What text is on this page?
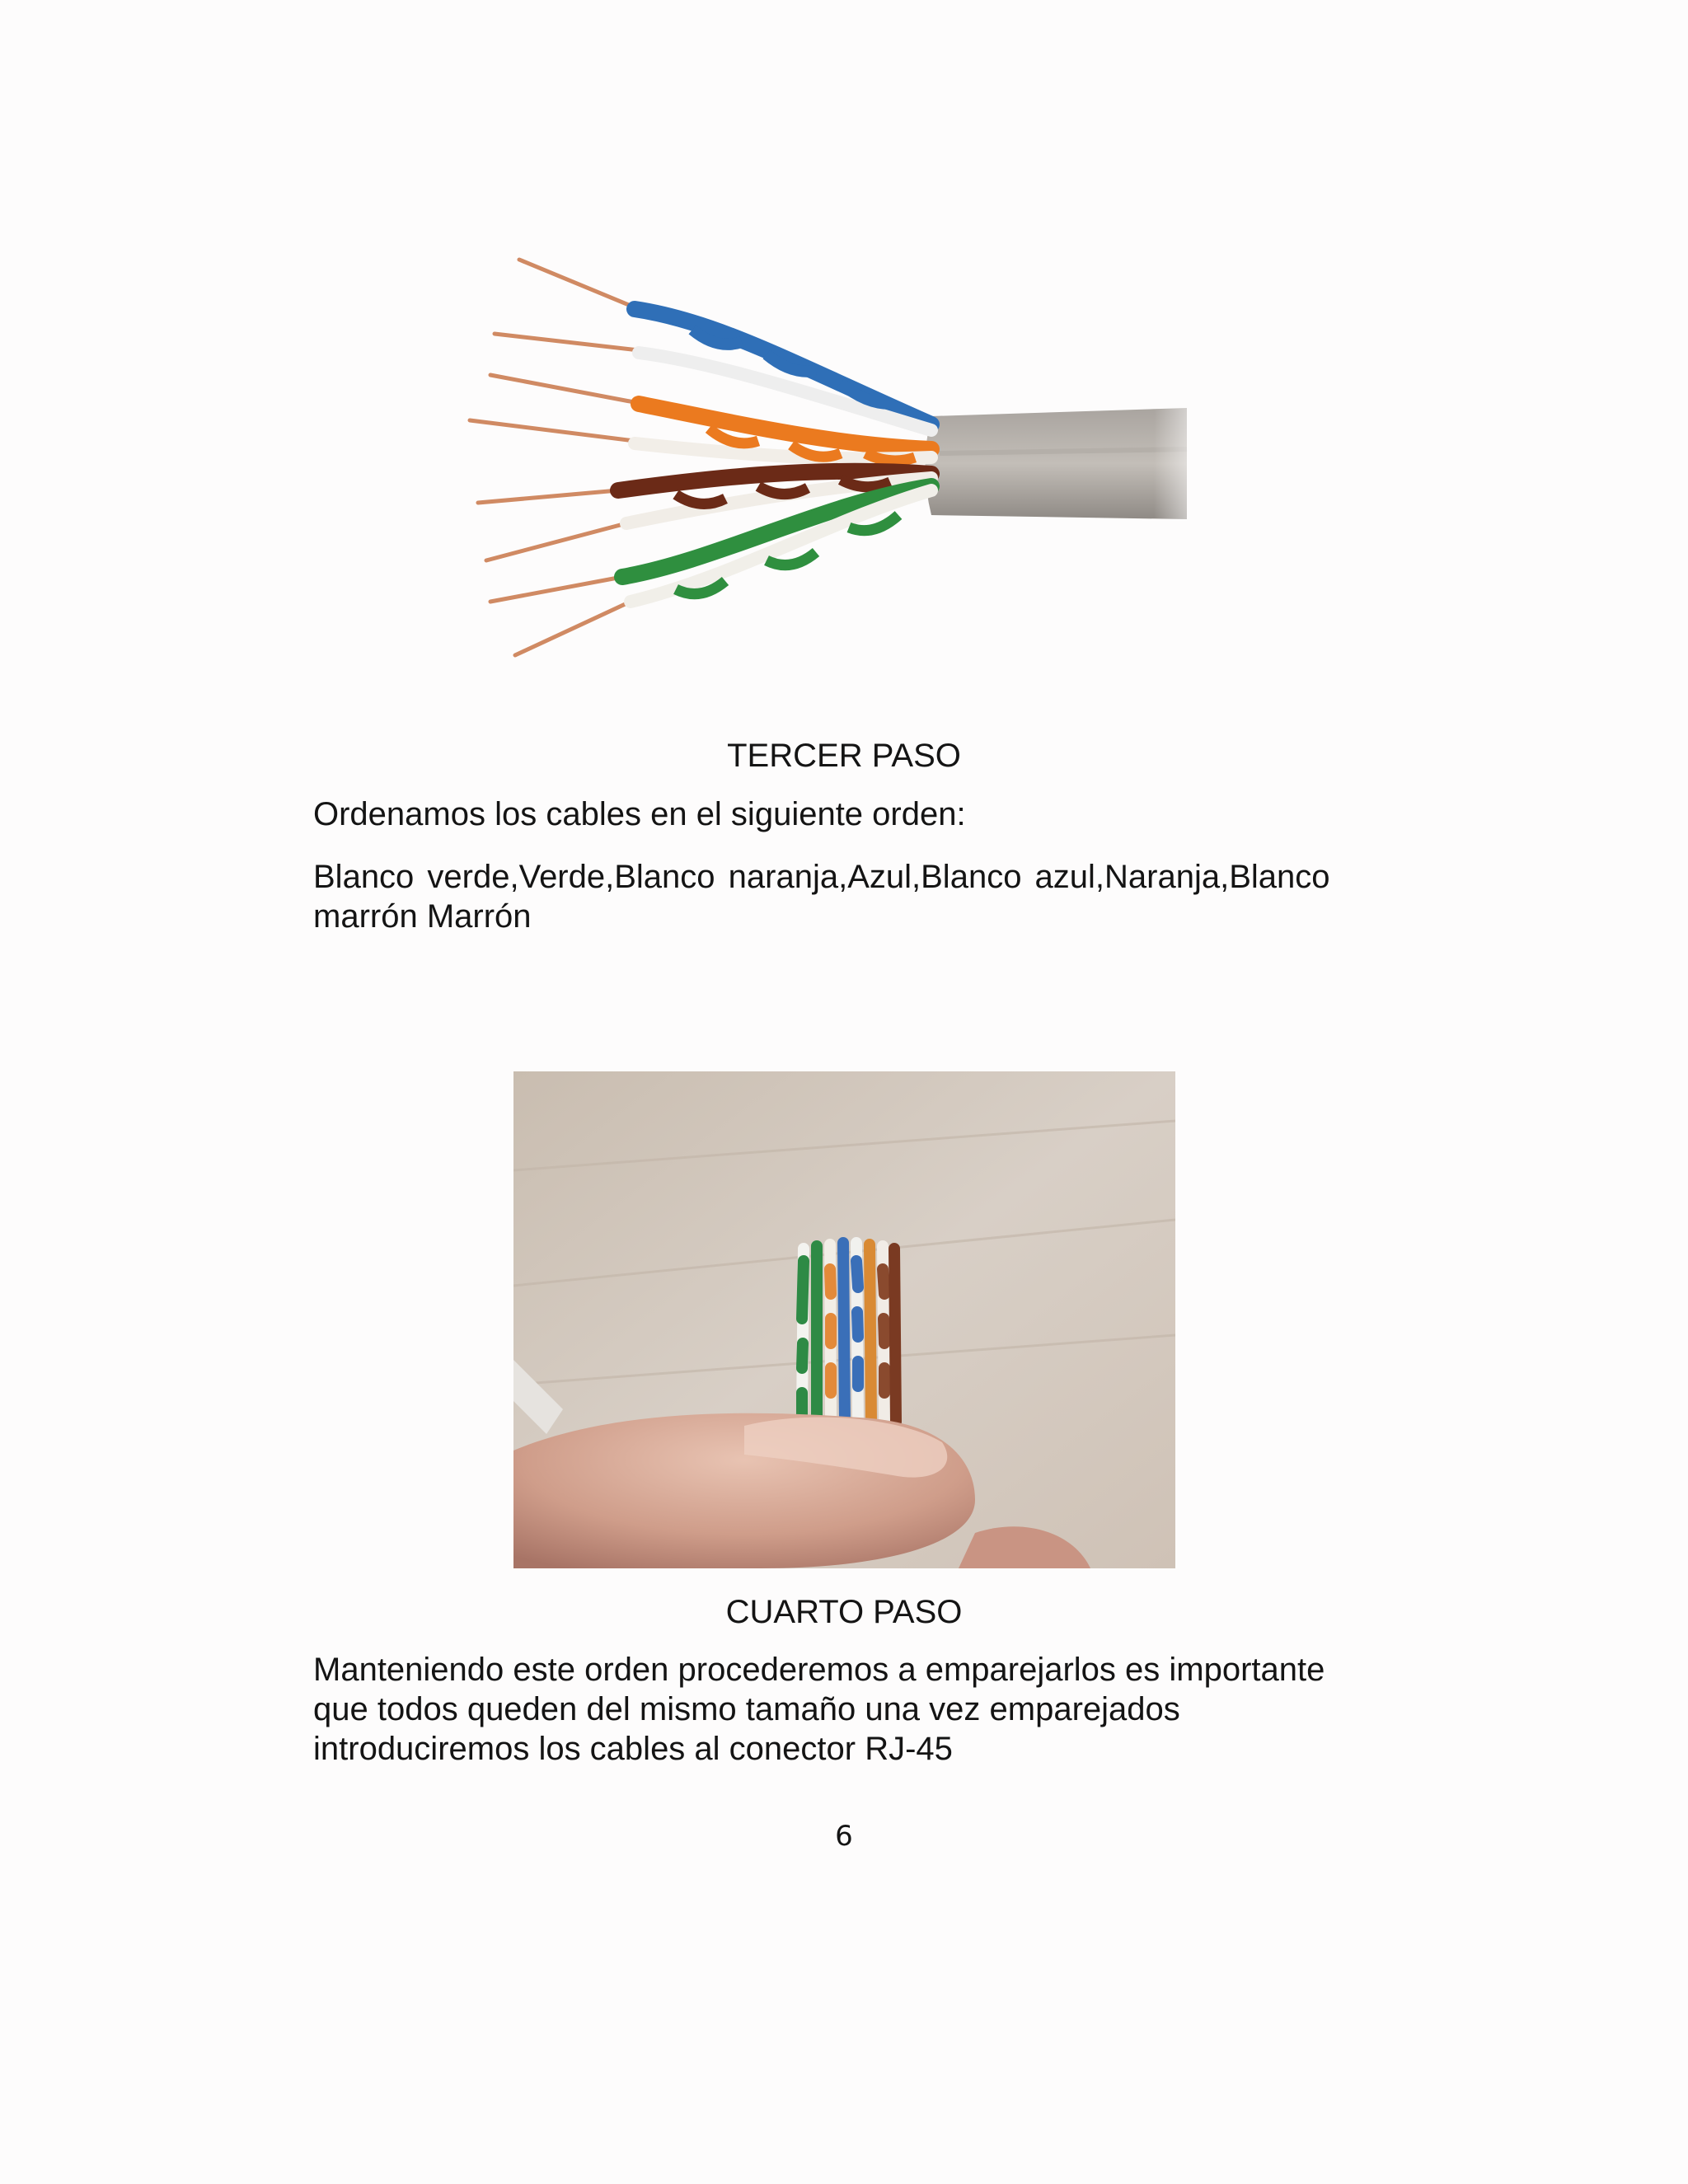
TERCER PASO

Ordenamos los cables en el siguiente orden:

Blanco verde,Verde,Blanco naranja,Azul,Blanco azul,Naranja,Blanco

marrón Marrón

CUARTO PASO

Manteniendo este orden procederemos a emparejarlos es importante

que todos queden del mismo tamaño una vez emparejados

introduciremos los cables al conector RJ-45

6
